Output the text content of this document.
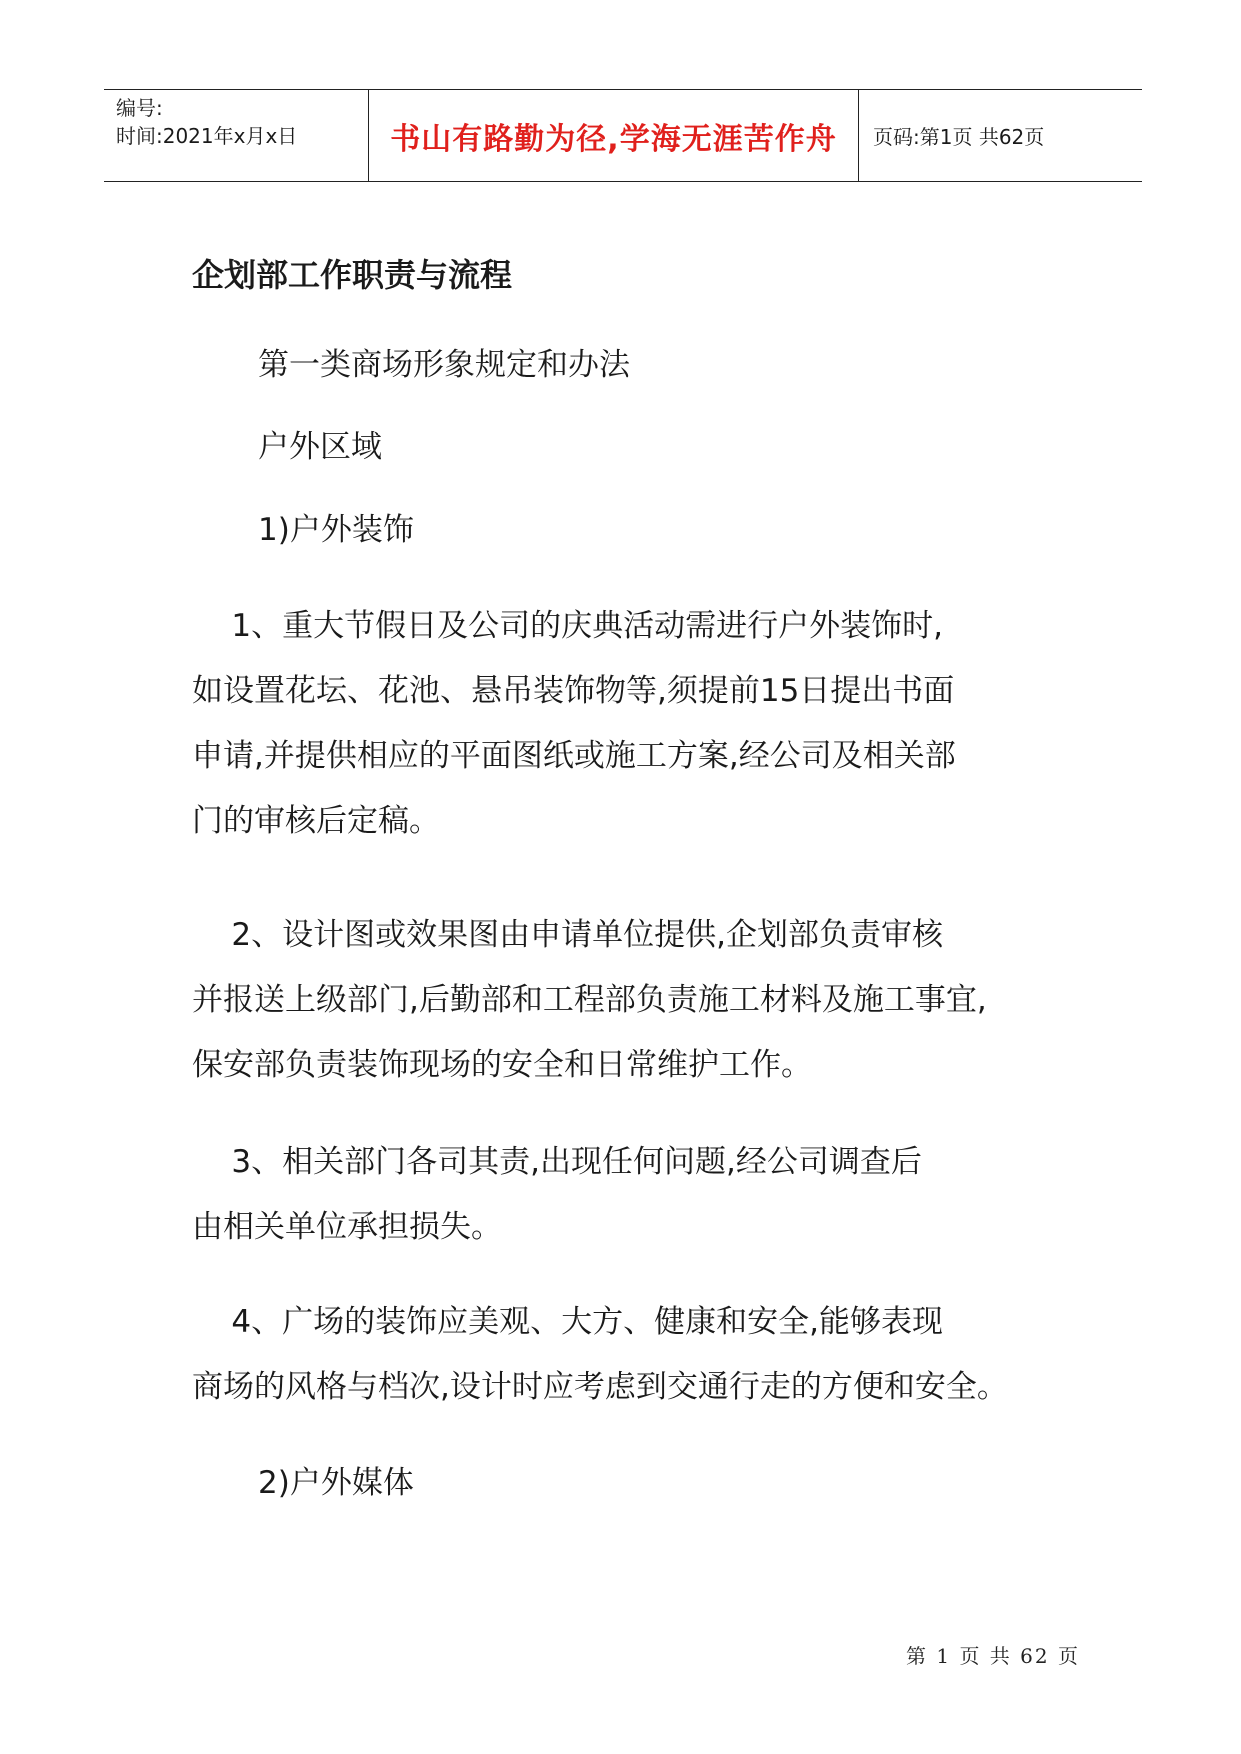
编号:
时间:2021年x月x日	书山有路勤为径,学海无涯苦作舟 页码:第1页 共62页
企划部工作职责与流程
第一类商场形象规定和办法
户外区域
1)户外装饰
1、重大节假日及公司的庆典活动需进行户外装饰时,
如设置花坛、花池、悬吊装饰物等,须提前15日提出书面
申请,并提供相应的平面图纸或施工方案,经公司及相关部
门的审核后定稿。
2、设计图或效果图由申请单位提供,企划部负责审核
并报送上级部门,后勤部和工程部负责施工材料及施工事宜,
保安部负责装饰现场的安全和日常维护工作。
3、相关部门各司其责,出现任何问题,经公司调查后
由相关单位承担损失。
4、广场的装饰应美观、大方、健康和安全,能够表现
商场的风格与档次,设计时应考虑到交通行走的方便和安全。
2)户外媒体
第 1 页 共 62 页
